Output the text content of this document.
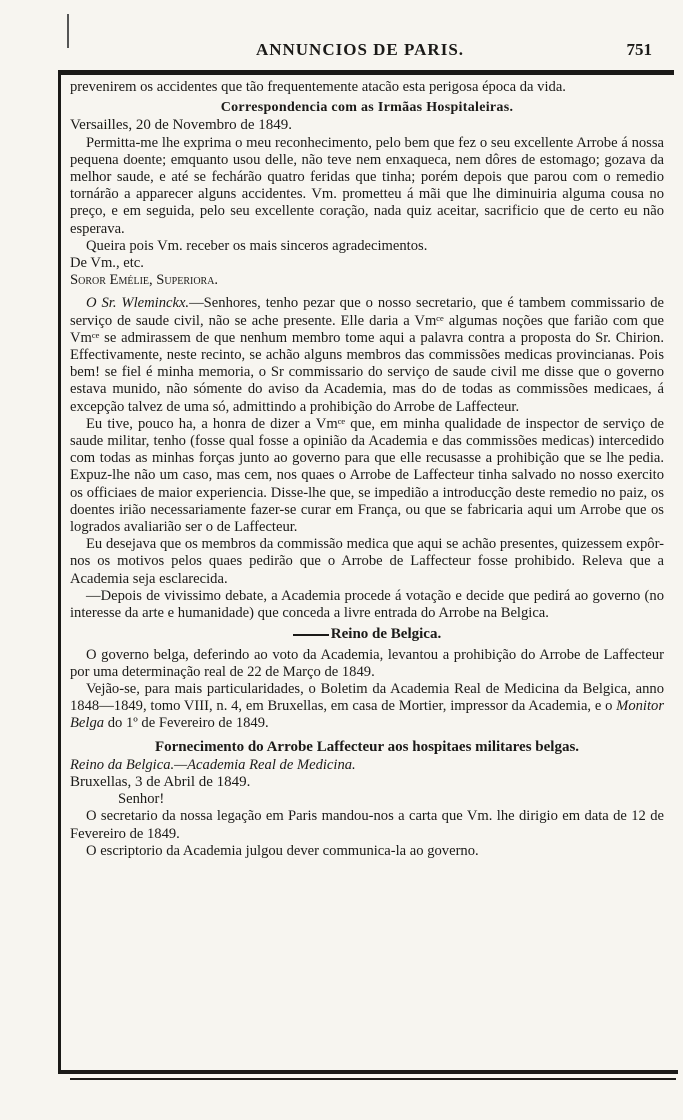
ANNUNCIOS DE PARIS.	751

prevenirem os accidentes que tão frequentemente atacão esta perigosa época da vida.

Correspondencia com as Irmãas Hospitaleiras.

Versailles, 20 de Novembro de 1849.

Permitta-me lhe exprima o meu reconhecimento, pelo bem que fez o seu excellente Arrobe á nossa pequena doente; emquanto usou delle, não teve nem enxaqueca, nem dôres de estomago; gozava da melhor saude, e até se fechárão quatro feridas que tinha; porém depois que parou com o remedio tornárão a apparecer alguns accidentes. Vm. prometteu á mãi que lhe diminuiria alguma cousa no preço, e em seguida, pelo seu excellente coração, nada quiz aceitar, sacrificio que de certo eu não esperava.

Queira pois Vm. receber os mais sinceros agradecimentos.

De Vm., etc.

Soror Emélie, Superiora.

O Sr. Wleminckx.—Senhores, tenho pezar que o nosso secretario, que é tambem commissario de serviço de saude civil, não se ache presente. Elle daria a Vmᶜᵉ algumas noções que farião com que Vmᶜᵉ se admirassem de que nenhum membro tome aqui a palavra contra a proposta do Sr. Chirion. Effectivamente, neste recinto, se achão alguns membros das commissões medicas provincianas. Pois bem! se fiel é minha memoria, o Sr commissario do serviço de saude civil me disse que o governo estava munido, não sómente do aviso da Academia, mas do de todas as commissões medicaes, á excepção talvez de uma só, admittindo a prohibição do Arrobe de Laffecteur.

Eu tive, pouco ha, a honra de dizer a Vmᶜᵉ que, em minha qualidade de inspector de serviço de saude militar, tenho (fosse qual fosse a opinião da Academia e das commissões medicas) intercedido com todas as minhas forças junto ao governo para que elle recusasse a prohibição que se lhe pedia. Expuz-lhe não um caso, mas cem, nos quaes o Arrobe de Laffecteur tinha salvado no nosso exercito os officiaes de maior experiencia. Disse-lhe que, se impedião a introducção deste remedio no paiz, os doentes irião necessariamente fazer-se curar em França, ou que se fabricaria aqui um Arrobe que os logrados avaliarião ser o de Laffecteur.

Eu desejava que os membros da commissão medica que aqui se achão presentes, quizessem expôr-nos os motivos pelos quaes pedirão que o Arrobe de Laffecteur fosse prohibido. Releva que a Academia seja esclarecida.

—Depois de vivissimo debate, a Academia procede á votação e decide que pedirá ao governo (no interesse da arte e humanidade) que conceda a livre entrada do Arrobe na Belgica.

Reino de Belgica.

O governo belga, deferindo ao voto da Academia, levantou a prohibição do Arrobe de Laffecteur por uma determinação real de 22 de Março de 1849.

Vejão-se, para mais particularidades, o Boletim da Academia Real de Medicina da Belgica, anno 1848—1849, tomo VIII, n. 4, em Bruxellas, em casa de Mortier, impressor da Academia, e o Monitor Belga do 1º de Fevereiro de 1849.

Fornecimento do Arrobe Laffecteur aos hospitaes militares belgas.

Reino da Belgica.—Academia Real de Medicina.

Bruxellas, 3 de Abril de 1849.

Senhor!

O secretario da nossa legação em Paris mandou-nos a carta que Vm. lhe dirigio em data de 12 de Fevereiro de 1849.

O escriptorio da Academia julgou dever communica-la ao governo.
